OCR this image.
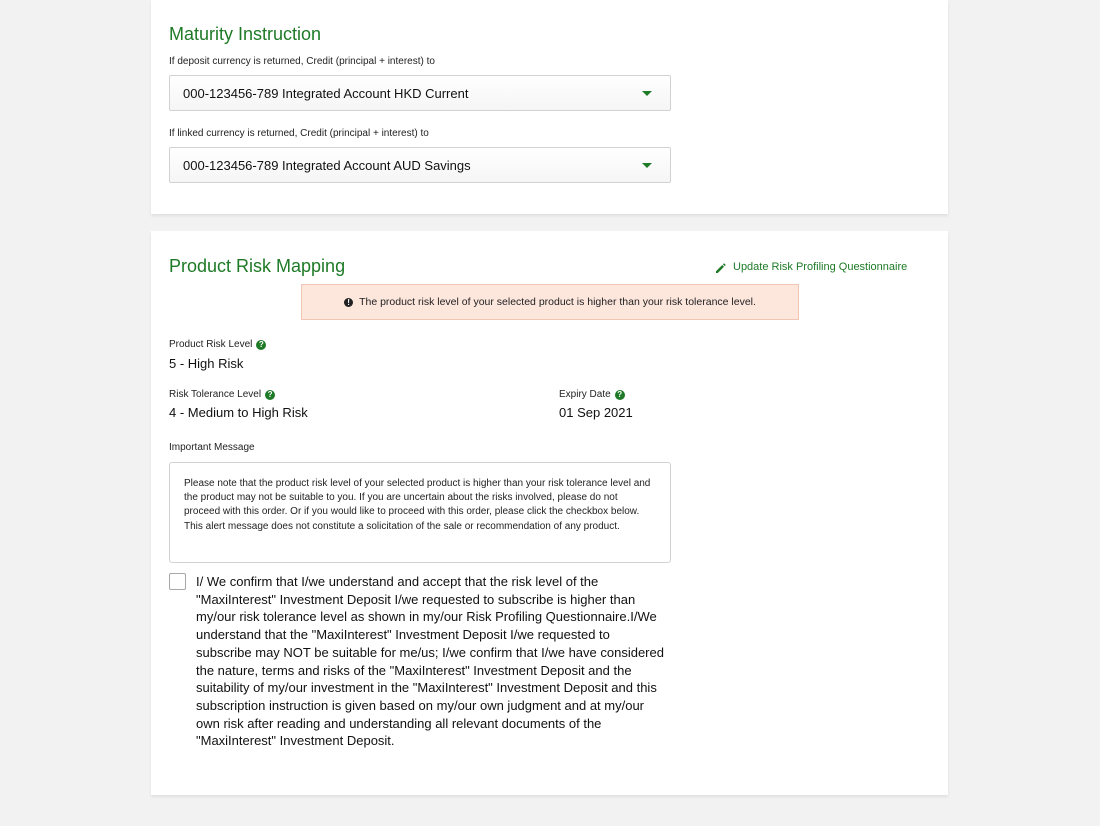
Maturity Instruction
If deposit currency is returned, Credit (principal + interest) to
000-123456-789 Integrated Account HKD Current
If linked currency is returned, Credit (principal + interest) to
000-123456-789 Integrated Account AUD Savings
Product Risk Mapping	Update Risk Profiling Questionnaire
! The product risk level of your selected product is higher than your risk tolerance level.
Product Risk Level ?
5 - High Risk
Risk Tolerance Level ?
4 - Medium to High Risk
Expiry Date ?
01 Sep 2021
Important Message
Please note that the product risk level of your selected product is higher than your risk tolerance level and the product may not be suitable to you. If you are uncertain about the risks involved, please do not proceed with this order. Or if you would like to proceed with this order, please click the checkbox below. This alert message does not constitute a solicitation of the sale or recommendation of any product.
I/ We confirm that I/we understand and accept that the risk level of the "MaxiInterest" Investment Deposit I/we requested to subscribe is higher than my/our risk tolerance level as shown in my/our Risk Profiling Questionnaire.I/We understand that the "MaxiInterest" Investment Deposit I/we requested to subscribe may NOT be suitable for me/us; I/we confirm that I/we have considered the nature, terms and risks of the "MaxiInterest" Investment Deposit and the suitability of my/our investment in the "MaxiInterest" Investment Deposit and this subscription instruction is given based on my/our own judgment and at my/our own risk after reading and understanding all relevant documents of the "MaxiInterest" Investment Deposit.
